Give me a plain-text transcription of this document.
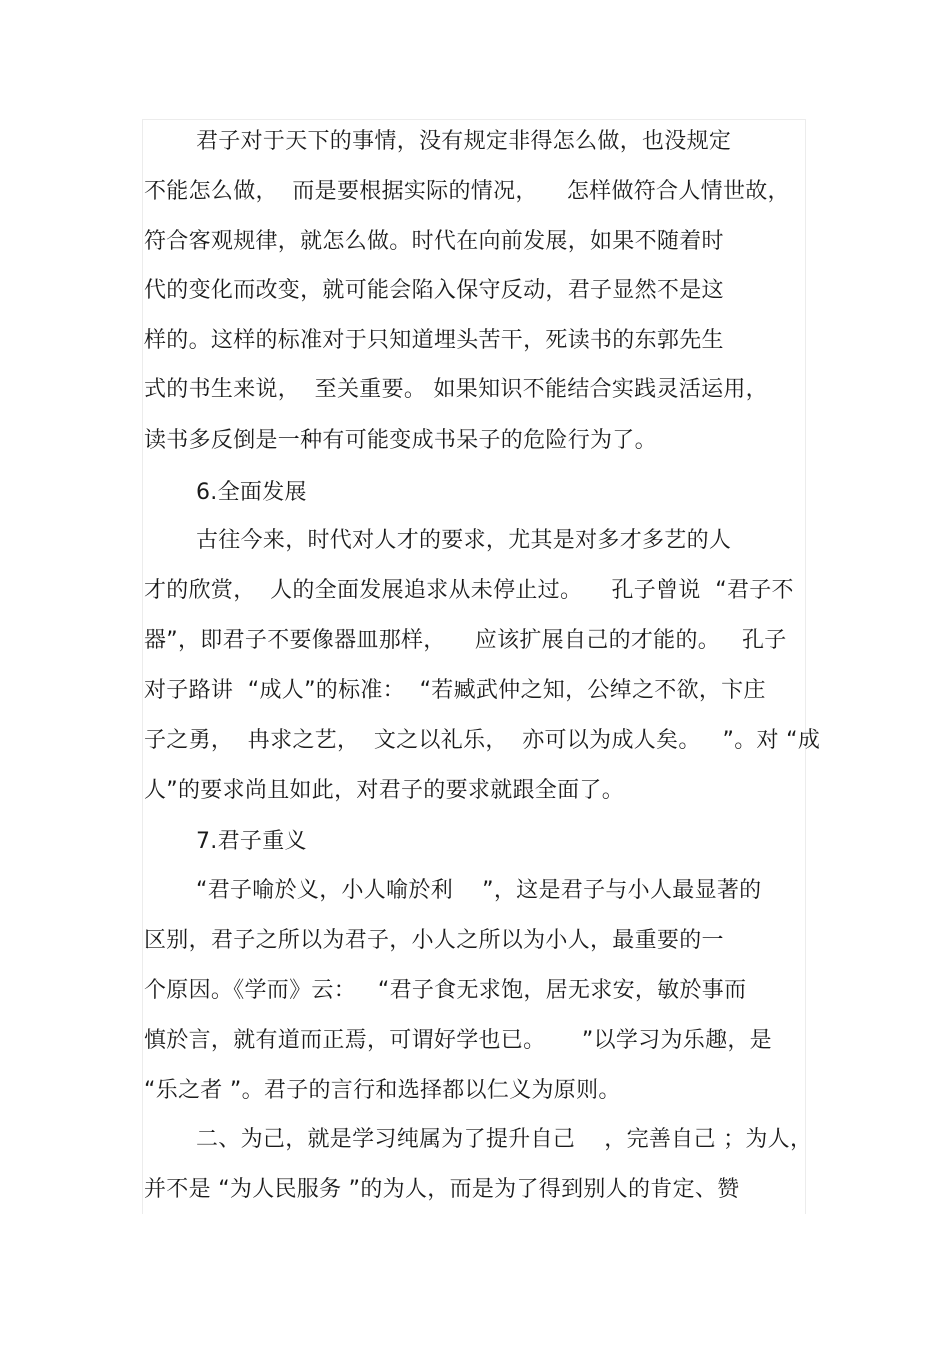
君子对于天下的事情，没有规定非得怎么做，也没规定
不能怎么做，  而是要根据实际的情况，    怎样做符合人情世故，
符合客观规律，就怎么做。时代在向前发展，如果不随着时
代的变化而改变，就可能会陷入保守反动，君子显然不是这
样的。这样的标准对于只知道埋头苦干，死读书的东郭先生
式的书生来说，  至关重要。 如果知识不能结合实践灵活运用，
读书多反倒是一种有可能变成书呆子的危险行为了。
6.全面发展
古往今来，时代对人才的要求，尤其是对多才多艺的人
才的欣赏，  人的全面发展追求从未停止过。    孔子曾说  “君子不
器”，即君子不要像器皿那样，    应该扩展自己的才能的。   孔子
对子路讲  “成人”的标准：  “若臧武仲之知，公绰之不欲，卞庄
子之勇，  冉求之艺，  文之以礼乐，  亦可以为成人矣。   ”。对 “成
人”的要求尚且如此，对君子的要求就跟全面了。
7.君子重义
“君子喻於义，小人喻於利    ”，这是君子与小人最显著的
区别，君子之所以为君子，小人之所以为小人，最重要的一
个原因。《学而》云：   “君子食无求饱，居无求安，敏於事而
慎於言，就有道而正焉，可谓好学也已。     ”以学习为乐趣，是
“乐之者 ”。君子的言行和选择都以仁义为原则。
二、为己，就是学习纯属为了提升自己    ，完善自己 ；为人，
并不是 “为人民服务 ”的为人，而是为了得到别人的肯定、赞
